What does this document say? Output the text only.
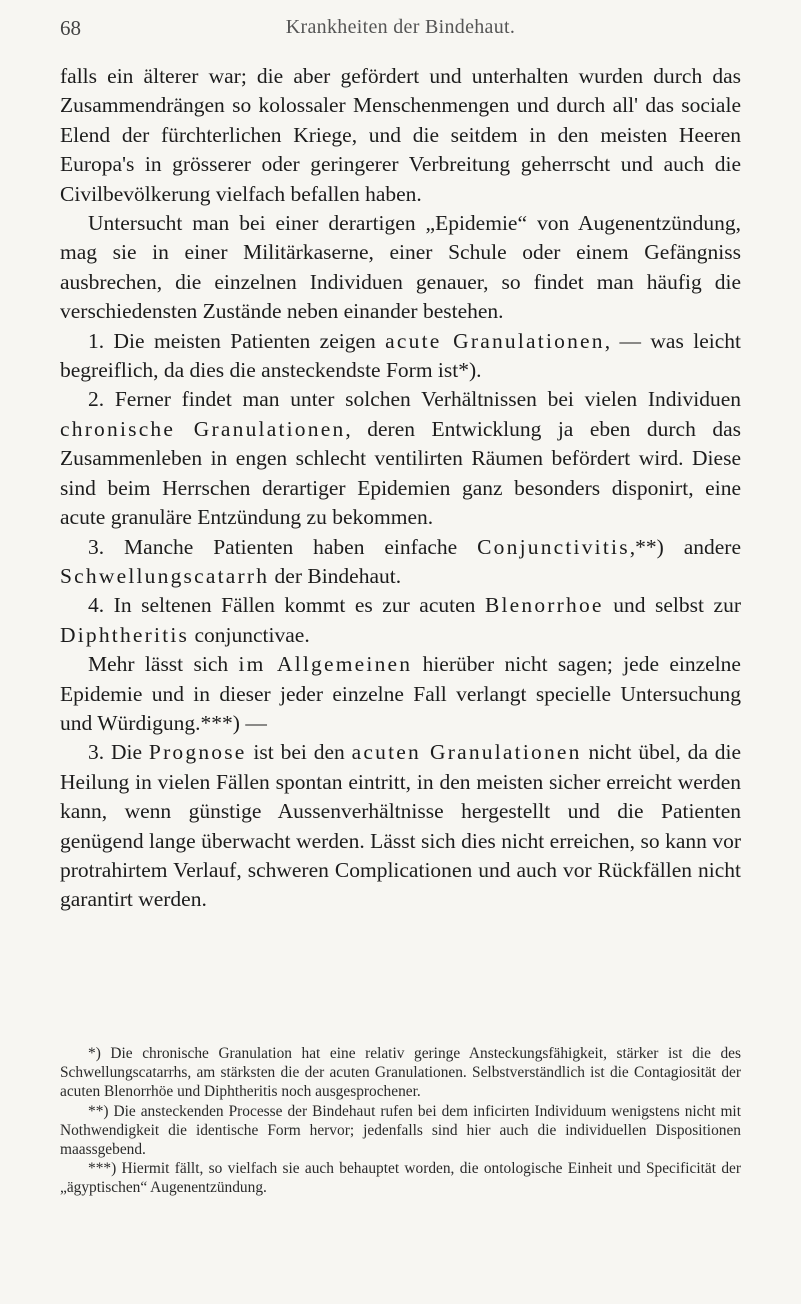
68	Krankheiten der Bindehaut.

falls ein älterer war; die aber gefördert und unterhalten wurden durch das Zusammendrängen so kolossaler Menschenmengen und durch all' das sociale Elend der fürchterlichen Kriege, und die seitdem in den meisten Heeren Europa's in grösserer oder geringerer Verbreitung geherrscht und auch die Civilbevölkerung vielfach befallen haben.

Untersucht man bei einer derartigen „Epidemie“ von Augenentzündung, mag sie in einer Militärkaserne, einer Schule oder einem Gefängniss ausbrechen, die einzelnen Individuen genauer, so findet man häufig die verschiedensten Zustände neben einander bestehen.

1. Die meisten Patienten zeigen acute Granulationen, — was leicht begreiflich, da dies die ansteckendste Form ist*).

2. Ferner findet man unter solchen Verhältnissen bei vielen Individuen chronische Granulationen, deren Entwicklung ja eben durch das Zusammenleben in engen schlecht ventilirten Räumen befördert wird. Diese sind beim Herrschen derartiger Epidemien ganz besonders disponirt, eine acute granuläre Entzündung zu bekommen.

3. Manche Patienten haben einfache Conjunctivitis,**) andere Schwellungscatarrh der Bindehaut.

4. In seltenen Fällen kommt es zur acuten Blenorrhoe und selbst zur Diphtheritis conjunctivae.

Mehr lässt sich im Allgemeinen hierüber nicht sagen; jede einzelne Epidemie und in dieser jeder einzelne Fall verlangt specielle Untersuchung und Würdigung.***) —

3. Die Prognose ist bei den acuten Granulationen nicht übel, da die Heilung in vielen Fällen spontan eintritt, in den meisten sicher erreicht werden kann, wenn günstige Aussenverhältnisse hergestellt und die Patienten genügend lange überwacht werden. Lässt sich dies nicht erreichen, so kann vor protrahirtem Verlauf, schweren Complicationen und auch vor Rückfällen nicht garantirt werden.

*) Die chronische Granulation hat eine relativ geringe Ansteckungsfähigkeit, stärker ist die des Schwellungscatarrhs, am stärksten die der acuten Granulationen. Selbstverständlich ist die Contagiosität der acuten Blenorrhöe und Diphtheritis noch ausgesprochener.

**) Die ansteckenden Processe der Bindehaut rufen bei dem inficirten Individuum wenigstens nicht mit Nothwendigkeit die identische Form hervor; jedenfalls sind hier auch die individuellen Dispositionen maassgebend.

***) Hiermit fällt, so vielfach sie auch behauptet worden, die ontologische Einheit und Specificität der „ägyptischen“ Augenentzündung.
